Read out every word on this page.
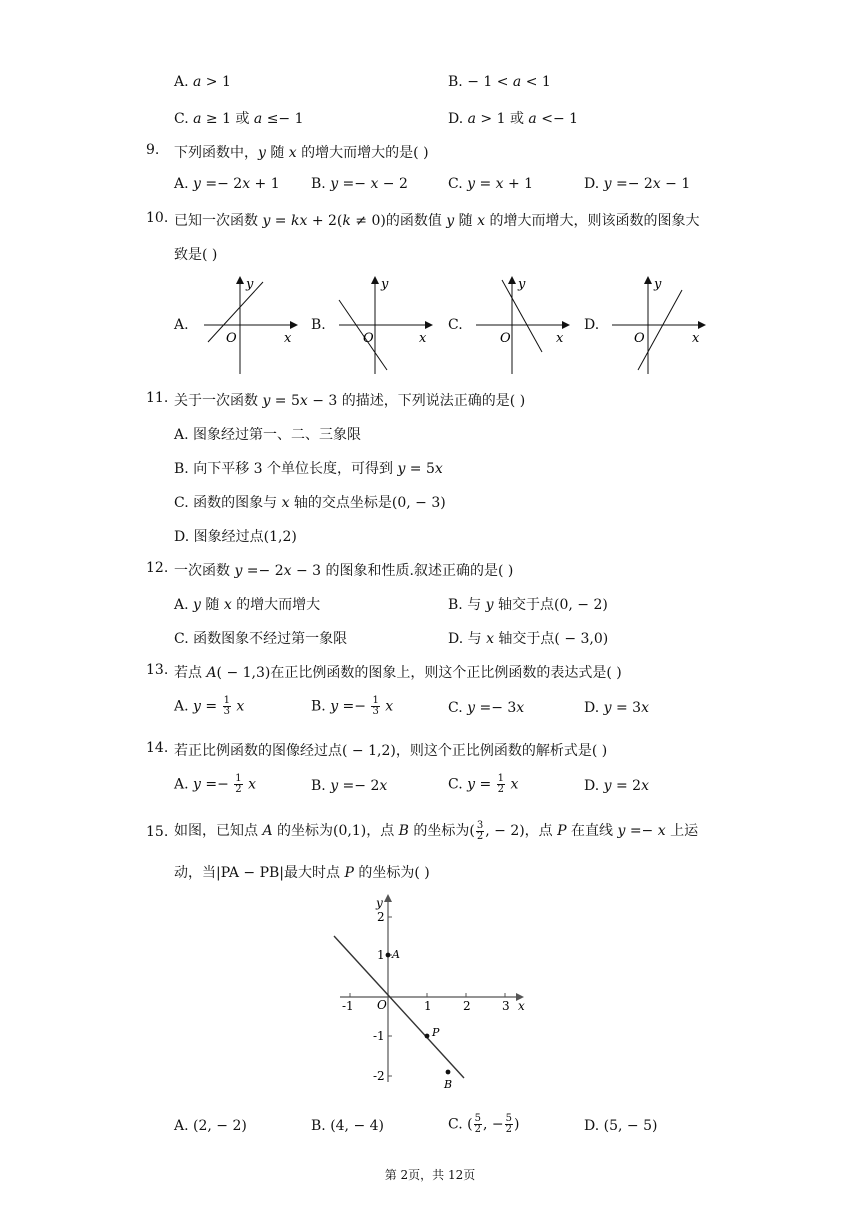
A. 𝑎 > 1	B. − 1 < 𝑎 < 1
C. 𝑎 ≥ 1 或 𝑎 ≤− 1	D. 𝑎 > 1 或 𝑎 <− 1
9. 下列函数中，𝑦 随 𝑥 的增大而增大的是( )
A. 𝑦 =− 2𝑥 + 1 B. 𝑦 =− 𝑥 − 2	C. 𝑦 = 𝑥 + 1	D. 𝑦 =− 2𝑥 − 1
10. 已知一次函数 𝑦 = 𝑘𝑥 + 2(𝑘 ≠ 0)的函数值 𝑦 随 𝑥 的增大而增大，则该函数的图象大
致是( )
A.	B.	C.	D.
y
x
O
y
x
O
y
x
O
y
x
O
11. 关于一次函数 𝑦 = 5𝑥 − 3 的描述，下列说法正确的是( )
A. 图象经过第一、二、三象限
B. 向下平移 3 个单位长度，可得到 𝑦 = 5𝑥
C. 函数的图象与 𝑥 轴的交点坐标是(0, − 3)
D. 图象经过点(1,2)
12. 一次函数 𝑦 =− 2𝑥 − 3 的图象和性质.叙述正确的是( )
A. 𝑦 随 𝑥 的增大而增大	B. 与 𝑦 轴交于点(0, − 2)
C. 函数图象不经过第一象限	D. 与 𝑥 轴交于点( − 3,0)
13. 若点 𝐴( − 1,3)在正比例函数的图象上，则这个正比例函数的表达式是( )
A. 𝑦 = $\frac{1}{3}$ 𝑥	B. 𝑦 =− $\frac{1}{3}$ 𝑥	C. 𝑦 =− 3𝑥	D. 𝑦 = 3𝑥
14. 若正比例函数的图像经过点( − 1,2)，则这个正比例函数的解析式是( )
A. 𝑦 =− $\frac{1}{2}$ 𝑥	B. 𝑦 =− 2𝑥	C. 𝑦 = $\frac{1}{2}$ 𝑥	D. 𝑦 = 2𝑥
15. 如图，已知点 𝐴 的坐标为(0,1)，点 𝐵 的坐标为( $\frac{3}{2}$ , − 2)，点 𝑃 在直线 𝑦 =− 𝑥 上运
动，当|PA − PB|最大时点 𝑃 的坐标为( )
y
x
O
-1	1	2	3
2
1
-1
-2
A
P
B
A. (2, − 2)	B. (4, − 4)	C. ( $\frac{5}{2}$ , − $\frac{5}{2}$ )	D. (5, − 5)
第 2页，共 12页
